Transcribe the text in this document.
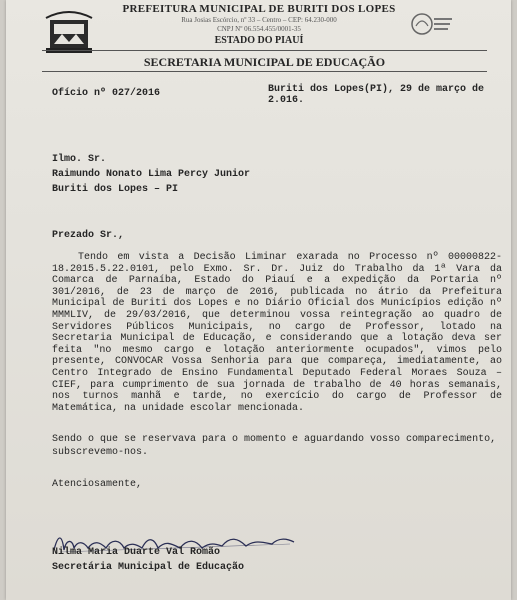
PREFEITURA MUNICIPAL DE BURITI DOS LOPES
Rua Josias Escórcio, nº 33 – Centro – CEP: 64.230-000
CNPJ Nº 06.554.455/0001-35
ESTADO DO PIAUÍ
SECRETARIA MUNICIPAL DE EDUCAÇÃO
Ofício nº 027/2016	Buriti dos Lopes(PI), 29 de março de 2.016.
Ilmo. Sr.
Raimundo Nonato Lima Percy Junior
Buriti dos Lopes – PI
Prezado Sr.,
Tendo em vista a Decisão Liminar exarada no Processo nº 00000822-18.2015.5.22.0101, pelo Exmo. Sr. Dr. Juiz do Trabalho da 1ª Vara da Comarca de Parnaíba, Estado do Piauí e a expedição da Portaria nº 301/2016, de 23 de março de 2016, publicada no átrio da Prefeitura Municipal de Buriti dos Lopes e no Diário Oficial dos Municípios edição nº MMMLIV, de 29/03/2016, que determinou vossa reintegração ao quadro de Servidores Públicos Municipais, no cargo de Professor, lotado na Secretaria Municipal de Educação, e considerando que a lotação deva ser feita "no mesmo cargo e lotação anteriormente ocupados", vimos pelo presente, CONVOCAR Vossa Senhoria para que compareça, imediatamente, ao Centro Integrado de Ensino Fundamental Deputado Federal Moraes Souza – CIEF, para cumprimento de sua jornada de trabalho de 40 horas semanais, nos turnos manhã e tarde, no exercício do cargo de Professor de Matemática, na unidade escolar mencionada.
Sendo o que se reservava para o momento e aguardando vosso comparecimento, subscrevemo-nos.
Atenciosamente,
Nilma Maria Duarte Val Romão
Secretária Municipal de Educação
